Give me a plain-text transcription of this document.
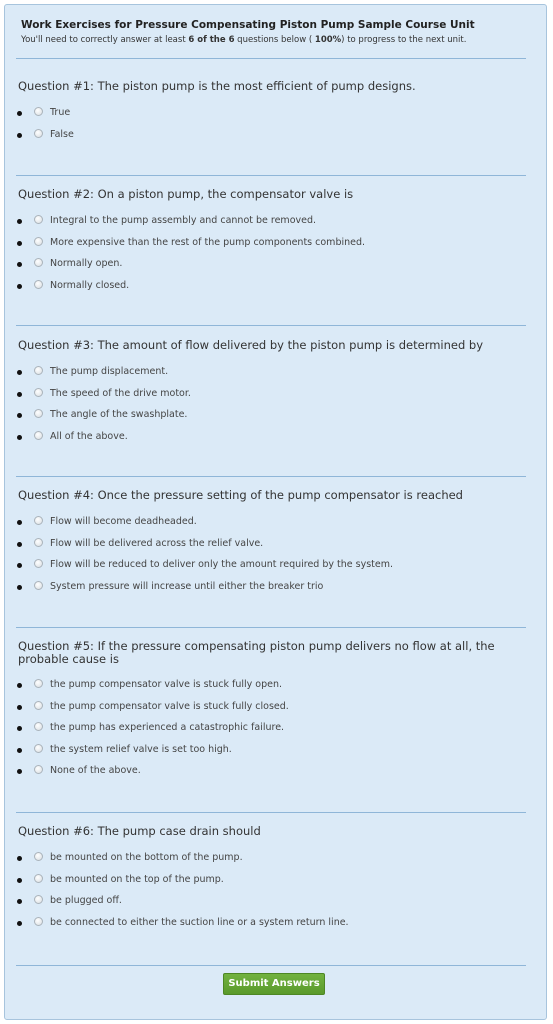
Work Exercises for Pressure Compensating Piston Pump Sample Course Unit
You'll need to correctly answer at least 6 of the 6 questions below ( 100%) to progress to the next unit.
Question #1: The piston pump is the most efficient of pump designs.
True
False
Question #2: On a piston pump, the compensator valve is
Integral to the pump assembly and cannot be removed.
More expensive than the rest of the pump components combined.
Normally open.
Normally closed.
Question #3: The amount of flow delivered by the piston pump is determined by
The pump displacement.
The speed of the drive motor.
The angle of the swashplate.
All of the above.
Question #4: Once the pressure setting of the pump compensator is reached
Flow will become deadheaded.
Flow will be delivered across the relief valve.
Flow will be reduced to deliver only the amount required by the system.
System pressure will increase until either the breaker trio
Question #5: If the pressure compensating piston pump delivers no flow at all, the probable cause is
the pump compensator valve is stuck fully open.
the pump compensator valve is stuck fully closed.
the pump has experienced a catastrophic failure.
the system relief valve is set too high.
None of the above.
Question #6: The pump case drain should
be mounted on the bottom of the pump.
be mounted on the top of the pump.
be plugged off.
be connected to either the suction line or a system return line.
Submit Answers
